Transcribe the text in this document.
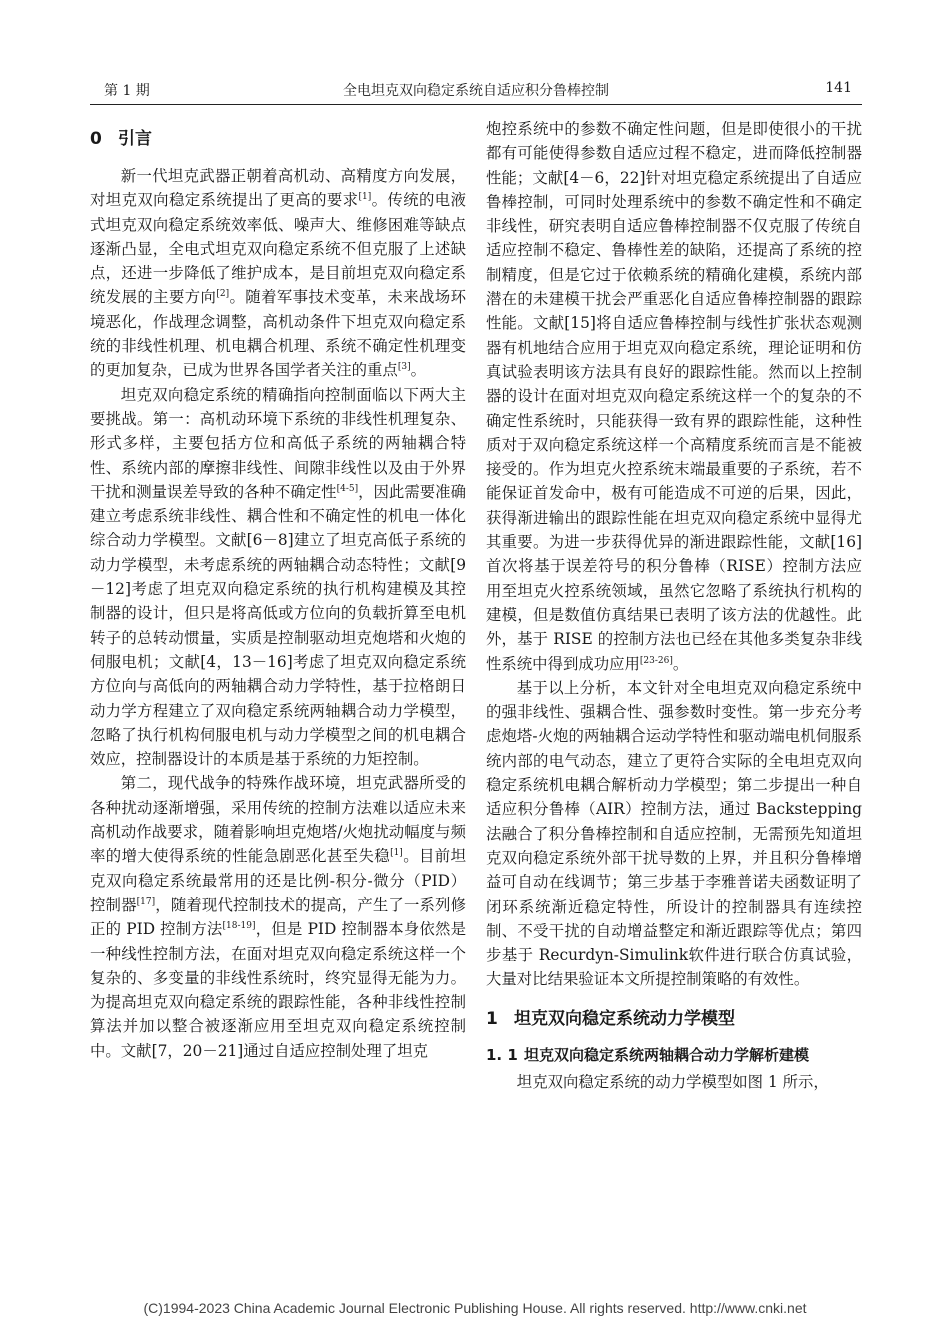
第 1 期	全电坦克双向稳定系统自适应积分鲁棒控制	141
0 引言

新一代坦克武器正朝着高机动、高精度方向发展，对坦克双向稳定系统提出了更高的要求[1]。传统的电液式坦克双向稳定系统效率低、噪声大、维修困难等缺点逐渐凸显，全电式坦克双向稳定系统不但克服了上述缺点，还进一步降低了维护成本，是目前坦克双向稳定系统发展的主要方向[2]。随着军事技术变革，未来战场环境恶化，作战理念调整，高机动条件下坦克双向稳定系统的非线性机理、机电耦合机理、系统不确定性机理变的更加复杂，已成为世界各国学者关注的重点[3]。

坦克双向稳定系统的精确指向控制面临以下两大主要挑战。第一：高机动环境下系统的非线性机理复杂、形式多样，主要包括方位和高低子系统的两轴耦合特性、系统内部的摩擦非线性、间隙非线性以及由于外界干扰和测量误差导致的各种不确定性[4-5]，因此需要准确建立考虑系统非线性、耦合性和不确定性的机电一体化综合动力学模型。文献[6－8]建立了坦克高低子系统的动力学模型，未考虑系统的两轴耦合动态特性；文献[9－12]考虑了坦克双向稳定系统的执行机构建模及其控制器的设计，但只是将高低或方位向的负载折算至电机转子的总转动惯量，实质是控制驱动坦克炮塔和火炮的伺服电机；文献[4，13－16]考虑了坦克双向稳定系统方位向与高低向的两轴耦合动力学特性，基于拉格朗日动力学方程建立了双向稳定系统两轴耦合动力学模型，忽略了执行机构伺服电机与动力学模型之间的机电耦合效应，控制器设计的本质是基于系统的力矩控制。

第二，现代战争的特殊作战环境，坦克武器所受的各种扰动逐渐增强，采用传统的控制方法难以适应未来高机动作战要求，随着影响坦克炮塔/火炮扰动幅度与频率的增大使得系统的性能急剧恶化甚至失稳[1]。目前坦克双向稳定系统最常用的还是比例-积分-微分（PID）控制器[17]，随着现代控制技术的提高，产生了一系列修正的 PID 控制方法[18-19]，但是 PID 控制器本身依然是一种线性控制方法，在面对坦克双向稳定系统这样一个复杂的、多变量的非线性系统时，终究显得无能为力。为提高坦克双向稳定系统的跟踪性能，各种非线性控制算法并加以整合被逐渐应用至坦克双向稳定系统控制中。文献[7，20－21]通过自适应控制处理了坦克

炮控系统中的参数不确定性问题，但是即使很小的干扰都有可能使得参数自适应过程不稳定，进而降低控制器性能；文献[4－6，22]针对坦克稳定系统提出了自适应鲁棒控制，可同时处理系统中的参数不确定性和不确定非线性，研究表明自适应鲁棒控制器不仅克服了传统自适应控制不稳定、鲁棒性差的缺陷，还提高了系统的控制精度，但是它过于依赖系统的精确化建模，系统内部潜在的未建模干扰会严重恶化自适应鲁棒控制器的跟踪性能。文献[15]将自适应鲁棒控制与线性扩张状态观测器有机地结合应用于坦克双向稳定系统，理论证明和仿真试验表明该方法具有良好的跟踪性能。然而以上控制器的设计在面对坦克双向稳定系统这样一个的复杂的不确定性系统时，只能获得一致有界的跟踪性能，这种性质对于双向稳定系统这样一个高精度系统而言是不能被接受的。作为坦克火控系统末端最重要的子系统，若不能保证首发命中，极有可能造成不可逆的后果，因此，获得渐进输出的跟踪性能在坦克双向稳定系统中显得尤其重要。为进一步获得优异的渐进跟踪性能，文献[16]首次将基于误差符号的积分鲁棒（RISE）控制方法应用至坦克火控系统领域，虽然它忽略了系统执行机构的建模，但是数值仿真结果已表明了该方法的优越性。此外，基于 RISE 的控制方法也已经在其他多类复杂非线性系统中得到成功应用[23-26]。

基于以上分析，本文针对全电坦克双向稳定系统中的强非线性、强耦合性、强参数时变性。第一步充分考虑炮塔-火炮的两轴耦合运动学特性和驱动端电机伺服系统内部的电气动态，建立了更符合实际的全电坦克双向稳定系统机电耦合解析动力学模型；第二步提出一种自适应积分鲁棒（AIR）控制方法，通过 Backstepping 法融合了积分鲁棒控制和自适应控制，无需预先知道坦克双向稳定系统外部干扰导数的上界，并且积分鲁棒增益可自动在线调节；第三步基于李雅普诺夫函数证明了闭环系统渐近稳定特性，所设计的控制器具有连续控制、不受干扰的自动增益整定和渐近跟踪等优点；第四步基于 Recurdyn-Simulink软件进行联合仿真试验，大量对比结果验证本文所提控制策略的有效性。

1 坦克双向稳定系统动力学模型
1. 1 坦克双向稳定系统两轴耦合动力学解析建模

坦克双向稳定系统的动力学模型如图 1 所示，

(C)1994-2023 China Academic Journal Electronic Publishing House. All rights reserved. http://www.cnki.net
